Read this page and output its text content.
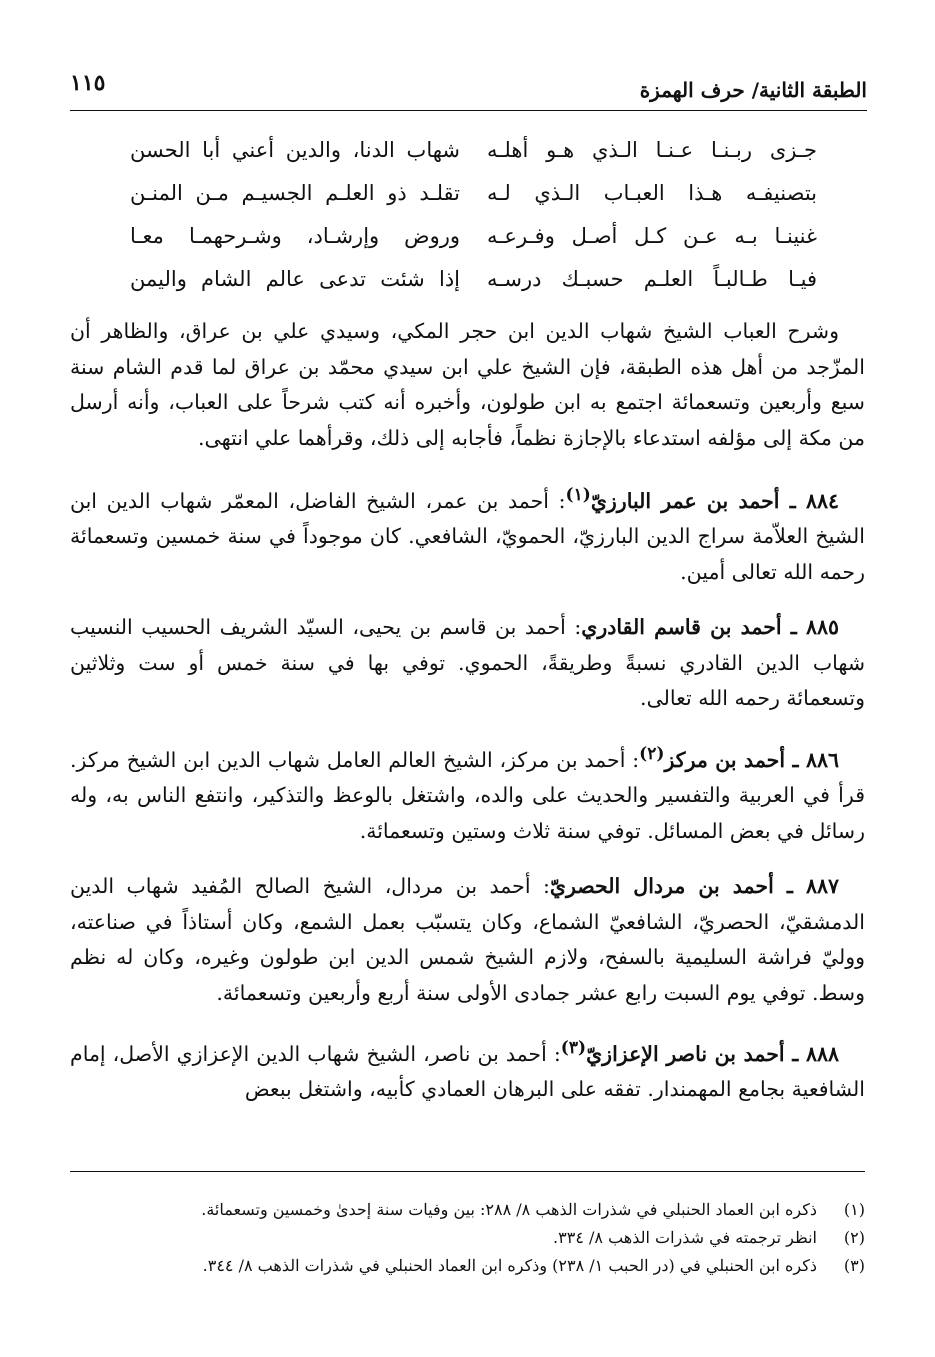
الطبقة الثانية/ حرف الهمزة
١١٥
جـزى ربـنـا عـنـا الـذي هـو أهلـه
شهاب الدنا، والدين أعني أبا الحسن
بتصنيفـه هـذا العبـاب الـذي لـه
تقلـد ذو العلـم الجسيـم مـن المنـن
غنينـا بـه عـن كـل أصـل وفـرعـه
وروض وإرشـاد، وشـرحهمـا معـا
فيـا طـالبـاً العلـم حسبـك درسـه
إذا شئت تدعى عالم الشام واليمن

وشرح العباب الشيخ شهاب الدين ابن حجر المكي، وسيدي علي بن عراق، والظاهر أن المزّجد من أهل هذه الطبقة، فإن الشيخ علي ابن سيدي محمّد بن عراق لما قدم الشام سنة سبع وأربعين وتسعمائة اجتمع به ابن طولون، وأخبره أنه كتب شرحاً على العباب، وأنه أرسل من مكة إلى مؤلفه استدعاء بالإجازة نظماً، فأجابه إلى ذلك، وقرأهما علي انتهى.

٨٨٤ ـ أحمد بن عمر البارزيّ$^{(١)}$: أحمد بن عمر، الشيخ الفاضل، المعمّر شهاب الدين ابن الشيخ العلاّمة سراج الدين البارزيّ، الحمويّ، الشافعي. كان موجوداً في سنة خمسين وتسعمائة رحمه الله تعالى أمين.

٨٨٥ ـ أحمد بن قاسم القادري: أحمد بن قاسم بن يحيى، السيّد الشريف الحسيب النسيب شهاب الدين القادري نسبةً وطريقةً، الحموي. توفي بها في سنة خمس أو ست وثلاثين وتسعمائة رحمه الله تعالى.

٨٨٦ ـ أحمد بن مركز$^{(٢)}$: أحمد بن مركز، الشيخ العالم العامل شهاب الدين ابن الشيخ مركز. قرأ في العربية والتفسير والحديث على والده، واشتغل بالوعظ والتذكير، وانتفع الناس به، وله رسائل في بعض المسائل. توفي سنة ثلاث وستين وتسعمائة.

٨٨٧ ـ أحمد بن مردال الحصريّ: أحمد بن مردال، الشيخ الصالح المُفيد شهاب الدين الدمشقيّ، الحصريّ، الشافعيّ الشماع، وكان يتسبّب بعمل الشمع، وكان أستاذاً في صناعته، ووليّ فراشة السليمية بالسفح، ولازم الشيخ شمس الدين ابن طولون وغيره، وكان له نظم وسط. توفي يوم السبت رابع عشر جمادى الأولى سنة أربع وأربعين وتسعمائة.

٨٨٨ ـ أحمد بن ناصر الإعزازيّ$^{(٣)}$: أحمد بن ناصر، الشيخ شهاب الدين الإعزازي الأصل، إمام الشافعية بجامع المهمندار. تفقه على البرهان العمادي كأبيه، واشتغل ببعض

(١)
ذكره ابن العماد الحنبلي في شذرات الذهب ٨/ ٢٨٨: بين وفيات سنة إحدىٰ وخمسين وتسعمائة.
(٢)
انظر ترجمته في شذرات الذهب ٨/ ٣٣٤.
(٣)
ذكره ابن الحنبلي في (در الحبب ١/ ٢٣٨) وذكره ابن العماد الحنبلي في شذرات الذهب ٨/ ٣٤٤.
